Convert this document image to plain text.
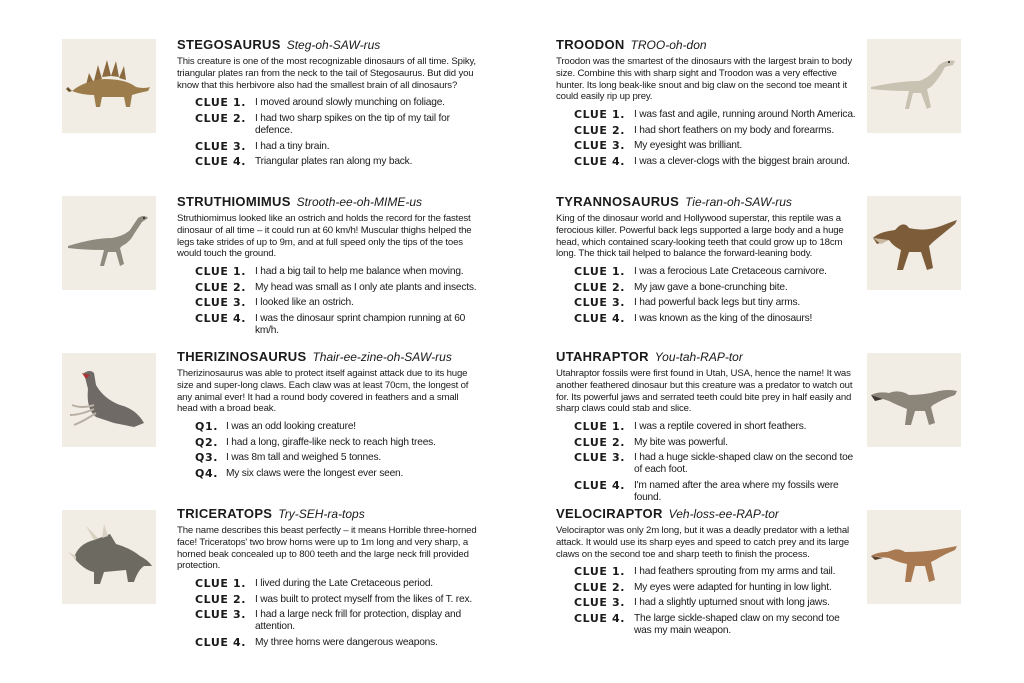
STEGOSAURUS Steg-oh-SAW-rus

This creature is one of the most recognizable dinosaurs of all time. Spiky, triangular plates ran from the neck to the tail of Stegosaurus. But did you know that this herbivore also had the smallest brain of all dinosaurs?

CLUE 1. I moved around slowly munching on foliage.
CLUE 2. I had two sharp spikes on the tip of my tail for defence.
CLUE 3. I had a tiny brain.
CLUE 4. Triangular plates ran along my back.

STRUTHIOMIMUS Strooth-ee-oh-MIME-us

Struthiomimus looked like an ostrich and holds the record for the fastest dinosaur of all time – it could run at 60 km/h! Muscular thighs helped the legs take strides of up to 9m, and at full speed only the tips of the toes would touch the ground.

CLUE 1. I had a big tail to help me balance when moving.
CLUE 2. My head was small as I only ate plants and insects.
CLUE 3. I looked like an ostrich.
CLUE 4. I was the dinosaur sprint champion running at 60 km/h.

THERIZINOSAURUS Thair-ee-zine-oh-SAW-rus

Therizinosaurus was able to protect itself against attack due to its huge size and super-long claws. Each claw was at least 70cm, the longest of any animal ever! It had a round body covered in feathers and a small head with a broad beak.

Q1. I was an odd looking creature!
Q2. I had a long, giraffe-like neck to reach high trees.
Q3. I was 8m tall and weighed 5 tonnes.
Q4. My six claws were the longest ever seen.

TRICERATOPS Try-SEH-ra-tops

The name describes this beast perfectly – it means Horrible three-horned face! Triceratops' two brow horns were up to 1m long and very sharp, a horned beak concealed up to 800 teeth and the large neck frill provided protection.

CLUE 1. I lived during the Late Cretaceous period.
CLUE 2. I was built to protect myself from the likes of T. rex.
CLUE 3. I had a large neck frill for protection, display and attention.
CLUE 4. My three horns were dangerous weapons.

TROODON TROO-oh-don

Troodon was the smartest of the dinosaurs with the largest brain to body size. Combine this with sharp sight and Troodon was a very effective hunter. Its long beak-like snout and big claw on the second toe meant it could easily rip up prey.

CLUE 1. I was fast and agile, running around North America.
CLUE 2. I had short feathers on my body and forearms.
CLUE 3. My eyesight was brilliant.
CLUE 4. I was a clever-clogs with the biggest brain around.

TYRANNOSAURUS Tie-ran-oh-SAW-rus

King of the dinosaur world and Hollywood superstar, this reptile was a ferocious killer. Powerful back legs supported a large body and a huge head, which contained scary-looking teeth that could grow up to 18cm long. The thick tail helped to balance the forward-leaning body.

CLUE 1. I was a ferocious Late Cretaceous carnivore.
CLUE 2. My jaw gave a bone-crunching bite.
CLUE 3. I had powerful back legs but tiny arms.
CLUE 4. I was known as the king of the dinosaurs!

UTAHRAPTOR You-tah-RAP-tor

Utahraptor fossils were first found in Utah, USA, hence the name! It was another feathered dinosaur but this creature was a predator to watch out for. Its powerful jaws and serrated teeth could bite prey in half easily and sharp claws could stab and slice.

CLUE 1. I was a reptile covered in short feathers.
CLUE 2. My bite was powerful.
CLUE 3. I had a huge sickle-shaped claw on the second toe of each foot.
CLUE 4. I'm named after the area where my fossils were found.

VELOCIRAPTOR Veh-loss-ee-RAP-tor

Velociraptor was only 2m long, but it was a deadly predator with a lethal attack. It would use its sharp eyes and speed to catch prey and its large claws on the second toe and sharp teeth to finish the process.

CLUE 1. I had feathers sprouting from my arms and tail.
CLUE 2. My eyes were adapted for hunting in low light.
CLUE 3. I had a slightly upturned snout with long jaws.
CLUE 4. The large sickle-shaped claw on my second toe was my main weapon.
